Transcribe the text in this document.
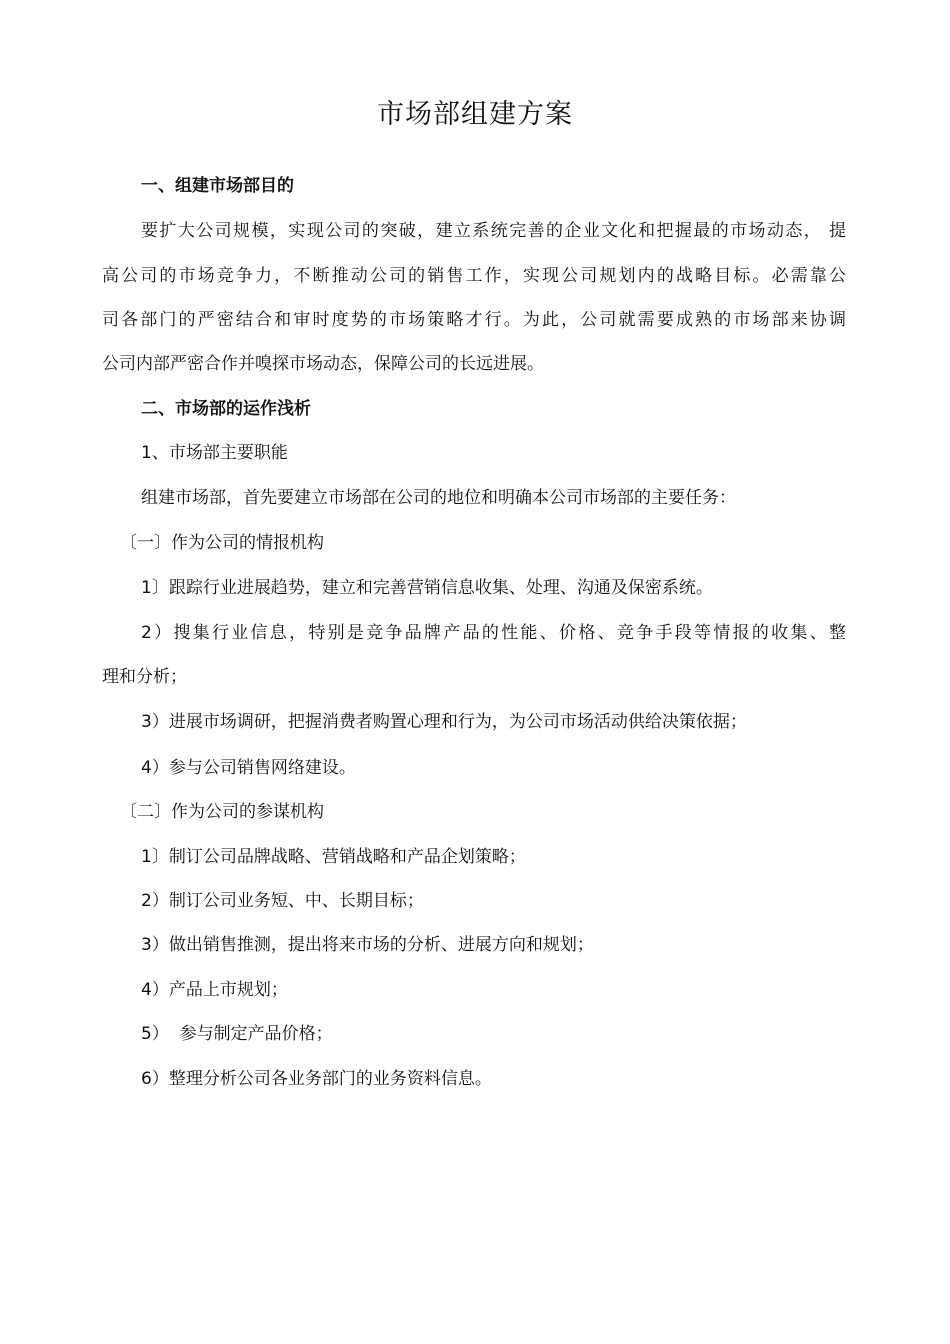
市场部组建方案
一、组建市场部目的
要扩大公司规模，实现公司的突破，建立系统完善的企业文化和把握最的市场动态， 提
高公司的市场竞争力，不断推动公司的销售工作，实现公司规划内的战略目标。必需靠公
司各部门的严密结合和审时度势的市场策略才行。为此，公司就需要成熟的市场部来协调
公司内部严密合作并嗅探市场动态，保障公司的长远进展。
二、市场部的运作浅析
1、市场部主要职能
组建市场部，首先要建立市场部在公司的地位和明确本公司市场部的主要任务：
〔一〕作为公司的情报机构
1〕跟踪行业进展趋势，建立和完善营销信息收集、处理、沟通及保密系统。
2）搜集行业信息，特别是竞争品牌产品的性能、价格、竞争手段等情报的收集、整
理和分析；
3）进展市场调研，把握消费者购置心理和行为，为公司市场活动供给决策依据；
4）参与公司销售网络建设。
〔二〕作为公司的参谋机构
1〕制订公司品牌战略、营销战略和产品企划策略；
2）制订公司业务短、中、长期目标；
3）做出销售推测，提出将来市场的分析、进展方向和规划；
4）产品上市规划；
5）  参与制定产品价格；
6）整理分析公司各业务部门的业务资料信息。
